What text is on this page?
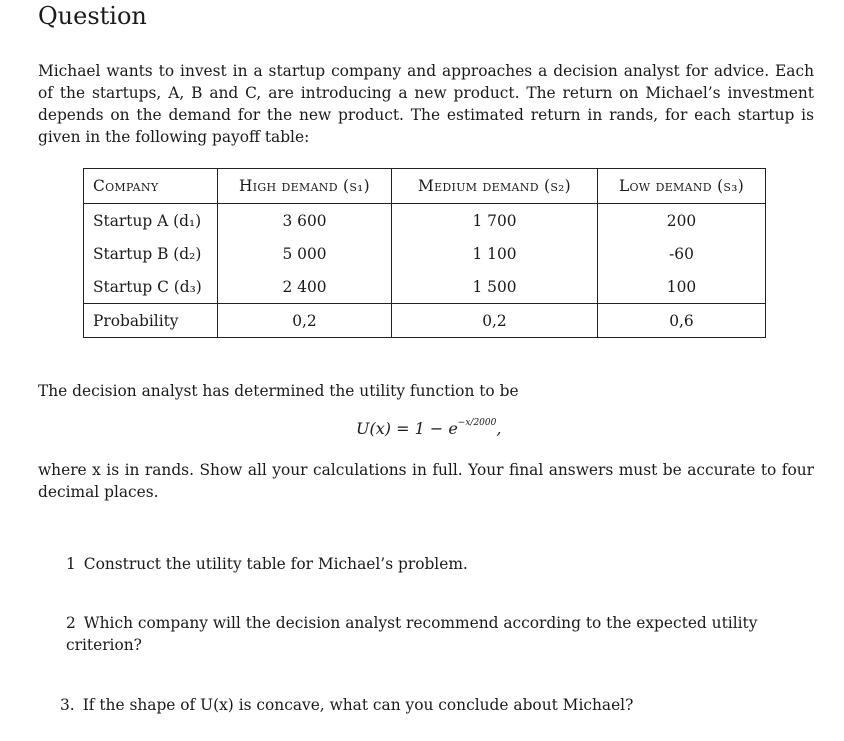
Question
Michael wants to invest in a startup company and approaches a decision analyst for advice. Each of the startups, A, B and C, are introducing a new product. The return on Michael’s investment depends on the demand for the new product. The estimated return in rands, for each startup is given in the following payoff table:
Company	High demand (s₁)	Medium demand (s₂)	Low demand (s₃)
Startup A (d₁)	3 600	1 700	200
Startup B (d₂)	5 000	1 100	-60
Startup C (d₃)	2 400	1 500	100
Probability	0,2	0,2	0,6
The decision analyst has determined the utility function to be
$U(x) = 1 - e^{-x/2000}$,
where x is in rands. Show all your calculations in full. Your final answers must be accurate to four decimal places.
1 Construct the utility table for Michael’s problem.
2 Which company will the decision analyst recommend according to the expected utility criterion?
3. If the shape of U(x) is concave, what can you conclude about Michael?
